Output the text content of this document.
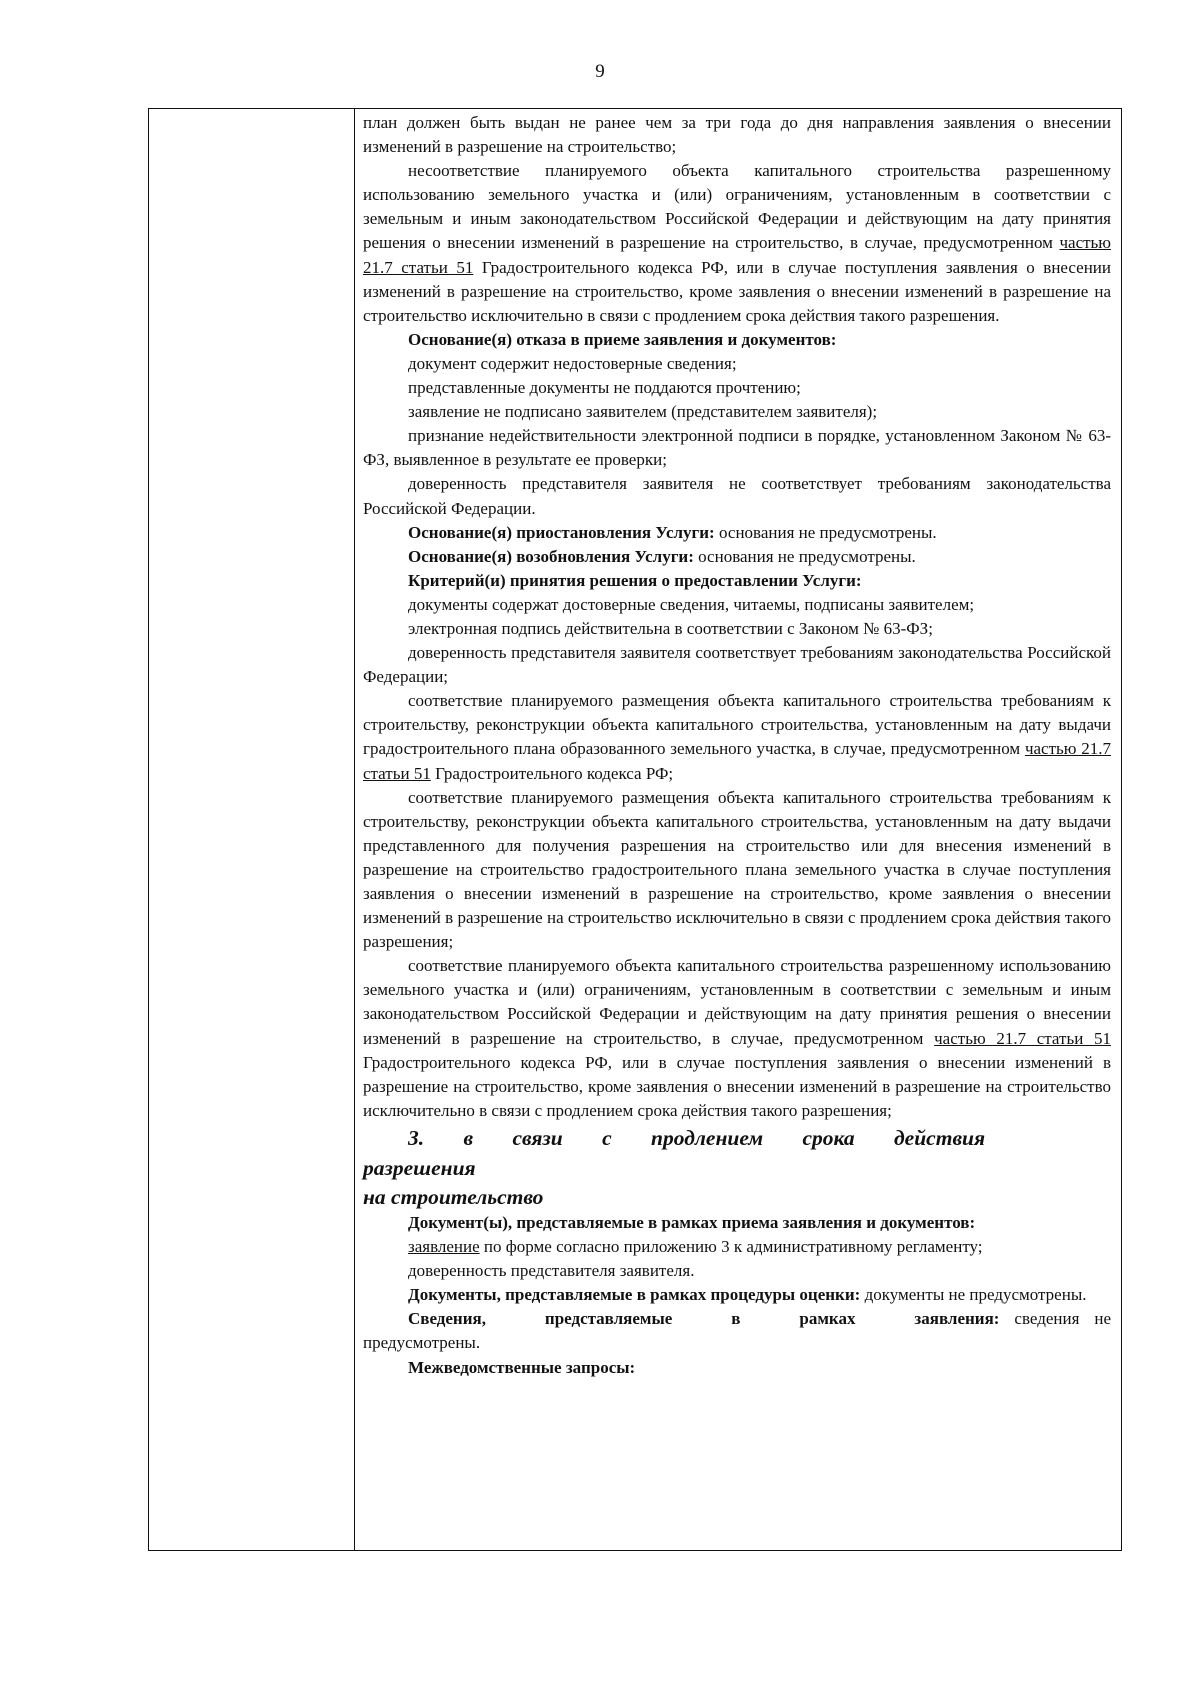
9

план должен быть выдан не ранее чем за три года до дня направления заявления о внесении изменений в разрешение на строительство;

несоответствие планируемого объекта капитального строительства разрешенному использованию земельного участка и (или) ограничениям, установленным в соответствии с земельным и иным законодательством Российской Федерации и действующим на дату принятия решения о внесении изменений в разрешение на строительство, в случае, предусмотренном частью 21.7 статьи 51 Градостроительного кодекса РФ, или в случае поступления заявления о внесении изменений в разрешение на строительство, кроме заявления о внесении изменений в разрешение на строительство исключительно в связи с продлением срока действия такого разрешения.

Основание(я) отказа в приеме заявления и документов:

документ содержит недостоверные сведения;

представленные документы не поддаются прочтению;

заявление не подписано заявителем (представителем заявителя);

признание недействительности электронной подписи в порядке, установленном Законом № 63-ФЗ, выявленное в результате ее проверки;

доверенность представителя заявителя не соответствует требованиям законодательства Российской Федерации.

Основание(я) приостановления Услуги: основания не предусмотрены.

Основание(я) возобновления Услуги: основания не предусмотрены.

Критерий(и) принятия решения о предоставлении Услуги:

документы содержат достоверные сведения, читаемы, подписаны заявителем;

электронная подпись действительна в соответствии с Законом № 63-ФЗ;

доверенность представителя заявителя соответствует требованиям законодательства Российской Федерации;

соответствие планируемого размещения объекта капитального строительства требованиям к строительству, реконструкции объекта капитального строительства, установленным на дату выдачи градостроительного плана образованного земельного участка, в случае, предусмотренном частью 21.7 статьи 51 Градостроительного кодекса РФ;

соответствие планируемого размещения объекта капитального строительства требованиям к строительству, реконструкции объекта капитального строительства, установленным на дату выдачи представленного для получения разрешения на строительство или для внесения изменений в разрешение на строительство градостроительного плана земельного участка в случае поступления заявления о внесении изменений в разрешение на строительство, кроме заявления о внесении изменений в разрешение на строительство исключительно в связи с продлением срока действия такого разрешения;

соответствие планируемого объекта капитального строительства разрешенному использованию земельного участка и (или) ограничениям, установленным в соответствии с земельным и иным законодательством Российской Федерации и действующим на дату принятия решения о внесении изменений в разрешение на строительство, в случае, предусмотренном частью 21.7 статьи 51 Градостроительного кодекса РФ, или в случае поступления заявления о внесении изменений в разрешение на строительство, кроме заявления о внесении изменений в разрешение на строительство исключительно в связи с продлением срока действия такого разрешения;

3. в связи с продлением срока действия разрешения

на строительство

Документ(ы), представляемые в рамках приема заявления и документов:

заявление по форме согласно приложению 3 к административному регламенту;

доверенность представителя заявителя.

Документы, представляемые в рамках процедуры оценки: документы не предусмотрены.

Сведения, представляемые в рамках заявления: сведения не предусмотрены.

Межведомственные запросы:
